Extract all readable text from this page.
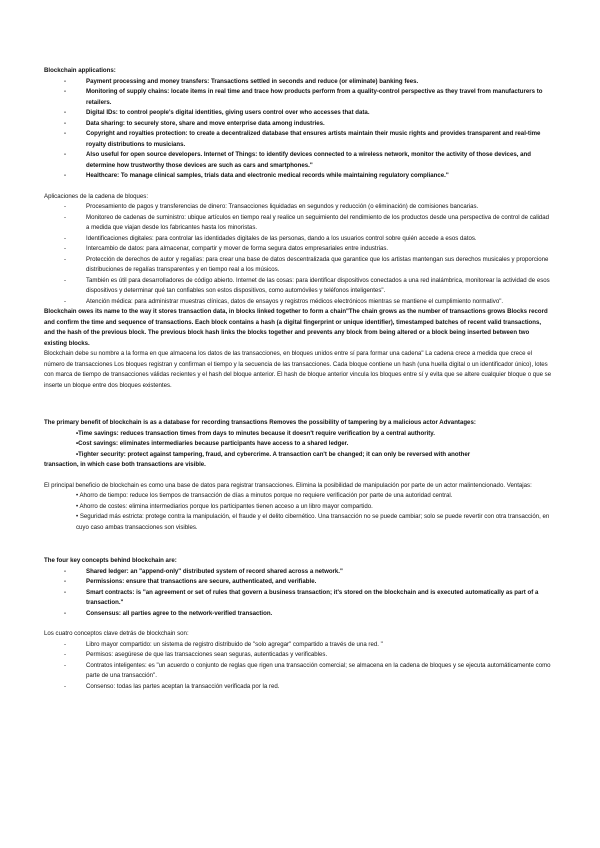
Blockchain applications:

- Payment processing and money transfers: Transactions settled in seconds and reduce (or eliminate) banking fees.
- Monitoring of supply chains: locate items in real time and trace how products perform from a quality-control perspective as they travel from manufacturers to retailers.
- Digital IDs: to control people's digital identities, giving users control over who accesses that data.
- Data sharing: to securely store, share and move enterprise data among industries.
- Copyright and royalties protection: to create a decentralized database that ensures artists maintain their music rights and provides transparent and real-time royalty distributions to musicians.
- Also useful for open source developers. Internet of Things: to identify devices connected to a wireless network, monitor the activity of those devices, and determine how trustworthy those devices are such as cars and smartphones."
- Healthcare: To manage clinical samples, trials data and electronic medical records while maintaining regulatory compliance."

Aplicaciones de la cadena de bloques:

- Procesamiento de pagos y transferencias de dinero: Transacciones liquidadas en segundos y reducción (o eliminación) de comisiones bancarias.
- Monitoreo de cadenas de suministro: ubique artículos en tiempo real y realice un seguimiento del rendimiento de los productos desde una perspectiva de control de calidad a medida que viajan desde los fabricantes hasta los minoristas.
- Identificaciones digitales: para controlar las identidades digitales de las personas, dando a los usuarios control sobre quién accede a esos datos.
- Intercambio de datos: para almacenar, compartir y mover de forma segura datos empresariales entre industrias.
- Protección de derechos de autor y regalías: para crear una base de datos descentralizada que garantice que los artistas mantengan sus derechos musicales y proporcione distribuciones de regalías transparentes y en tiempo real a los músicos.
- También es útil para desarrolladores de código abierto. Internet de las cosas: para identificar dispositivos conectados a una red inalámbrica, monitorear la actividad de esos dispositivos y determinar qué tan confiables son estos dispositivos, como automóviles y teléfonos inteligentes".
- Atención médica: para administrar muestras clínicas, datos de ensayos y registros médicos electrónicos mientras se mantiene el cumplimiento normativo".

Blockchain owes its name to the way it stores transaction data, in blocks linked together to form a chain"The chain grows as the number of transactions grows Blocks record and confirm the time and sequence of transactions. Each block contains a hash (a digital fingerprint or unique identifier), timestamped batches of recent valid transactions, and the hash of the previous block. The previous block hash links the blocks together and prevents any block from being altered or a block being inserted between two existing blocks.

Blockchain debe su nombre a la forma en que almacena los datos de las transacciones, en bloques unidos entre sí para formar una cadena" La cadena crece a medida que crece el número de transacciones Los bloques registran y confirman el tiempo y la secuencia de las transacciones. Cada bloque contiene un hash (una huella digital o un identificador único), lotes con marca de tiempo de transacciones válidas recientes y el hash del bloque anterior. El hash de bloque anterior vincula los bloques entre sí y evita que se altere cualquier bloque o que se inserte un bloque entre dos bloques existentes.

The primary benefit of blockchain is as a database for recording transactions Removes the possibility of tampering by a malicious actor Advantages:

•Time savings: reduces transaction times from days to minutes because it doesn't require verification by a central authority.
•Cost savings: eliminates intermediaries because participants have access to a shared ledger.
•Tighter security: protect against tampering, fraud, and cybercrime. A transaction can't be changed; it can only be reversed with another

transaction, in which case both transactions are visible.

El principal beneficio de blockchain es como una base de datos para registrar transacciones. Elimina la posibilidad de manipulación por parte de un actor malintencionado. Ventajas:

• Ahorro de tiempo: reduce los tiempos de transacción de días a minutos porque no requiere verificación por parte de una autoridad central.
• Ahorro de costes: elimina intermediarios porque los participantes tienen acceso a un libro mayor compartido.
• Seguridad más estricta: protege contra la manipulación, el fraude y el delito cibernético. Una transacción no se puede cambiar; solo se puede revertir con otra transacción, en cuyo caso ambas transacciones son visibles.

The four key concepts behind blockchain are:

- Shared ledger: an "append-only" distributed system of record shared across a network."
- Permissions: ensure that transactions are secure, authenticated, and verifiable.
- Smart contracts: is "an agreement or set of rules that govern a business transaction; it's stored on the blockchain and is executed automatically as part of a transaction."
- Consensus: all parties agree to the network-verified transaction.

Los cuatro conceptos clave detrás de blockchain son:

- Libro mayor compartido: un sistema de registro distribuido de "solo agregar" compartido a través de una red. "
- Permisos: asegúrese de que las transacciones sean seguras, autenticadas y verificables.
- Contratos inteligentes: es "un acuerdo o conjunto de reglas que rigen una transacción comercial; se almacena en la cadena de bloques y se ejecuta automáticamente como parte de una transacción".
- Consenso: todas las partes aceptan la transacción verificada por la red.
